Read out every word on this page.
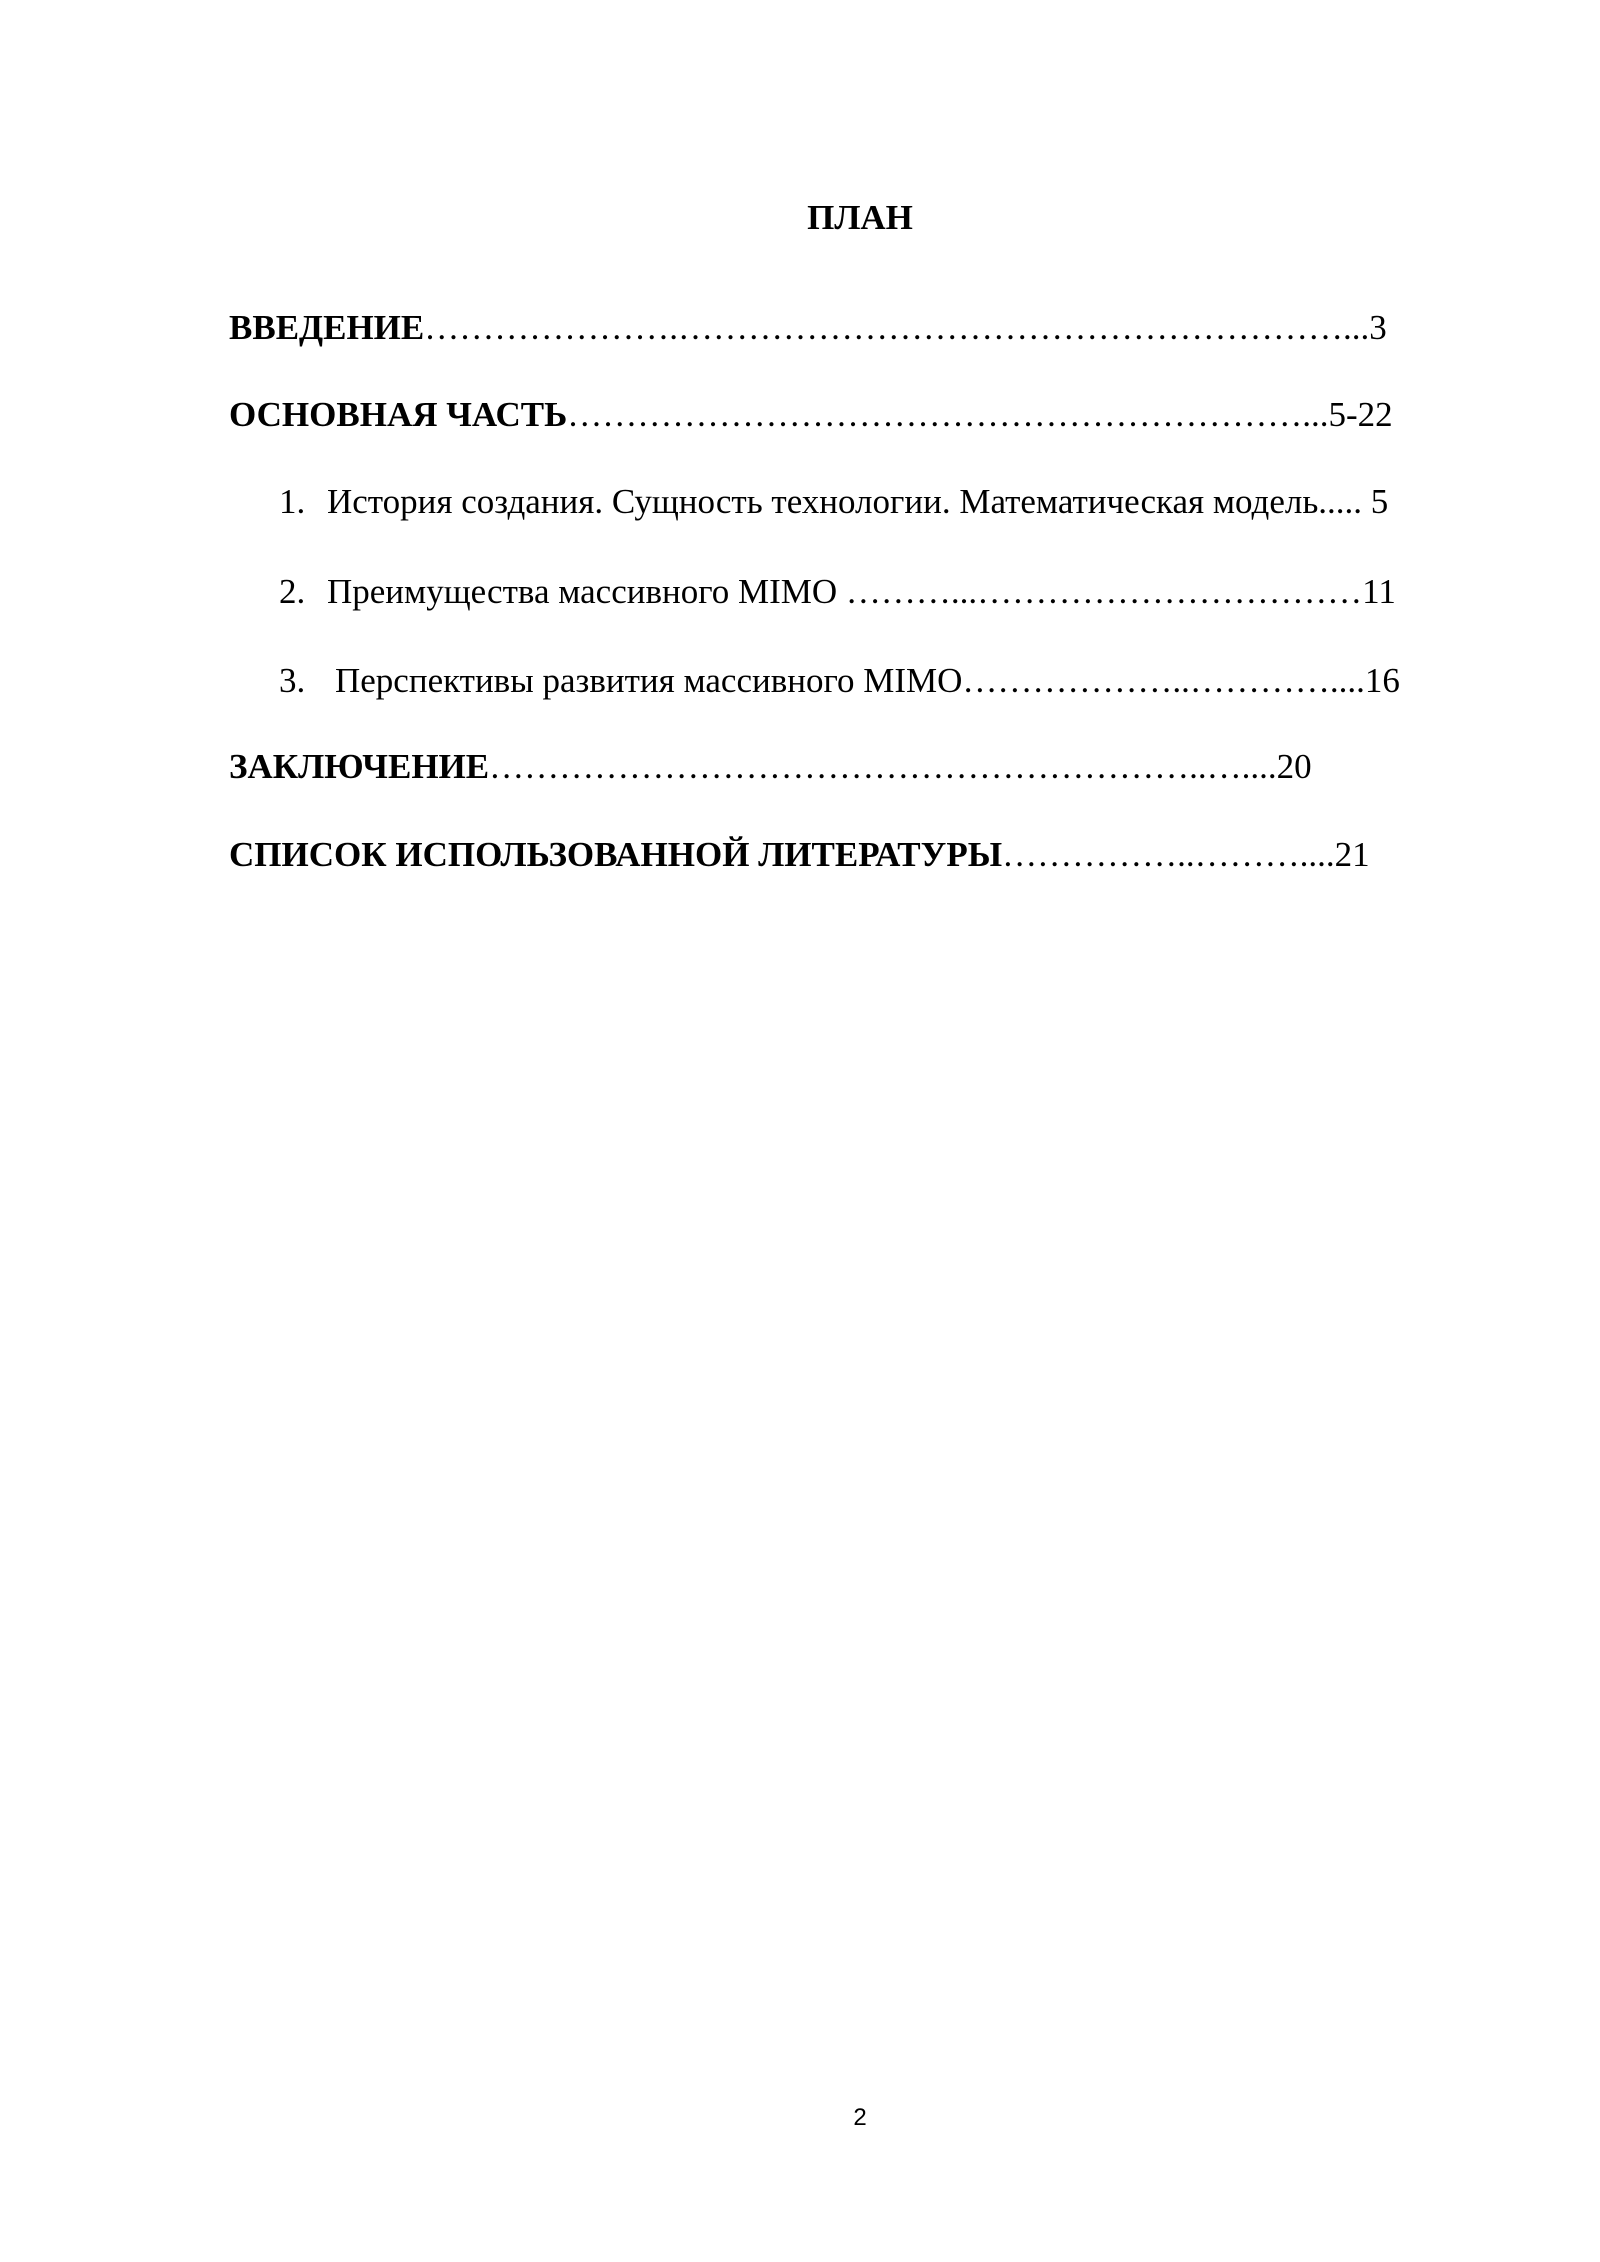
ПЛАН
ВВЕДЕНИЕ………………….…………………………………………………...3
ОСНОВНАЯ ЧАСТЬ………………………………………………………...5-22
1. История создания. Сущность технологии. Математическая модель..... 5
2. Преимущества массивного MIMO ………...……………………………11
3. Перспективы развития массивного MIMO………………..…………....16
ЗАКЛЮЧЕНИЕ……………………………………………………..…....20
СПИСОК ИСПОЛЬЗОВАННОЙ ЛИТЕРАТУРЫ……………..………....21
2
